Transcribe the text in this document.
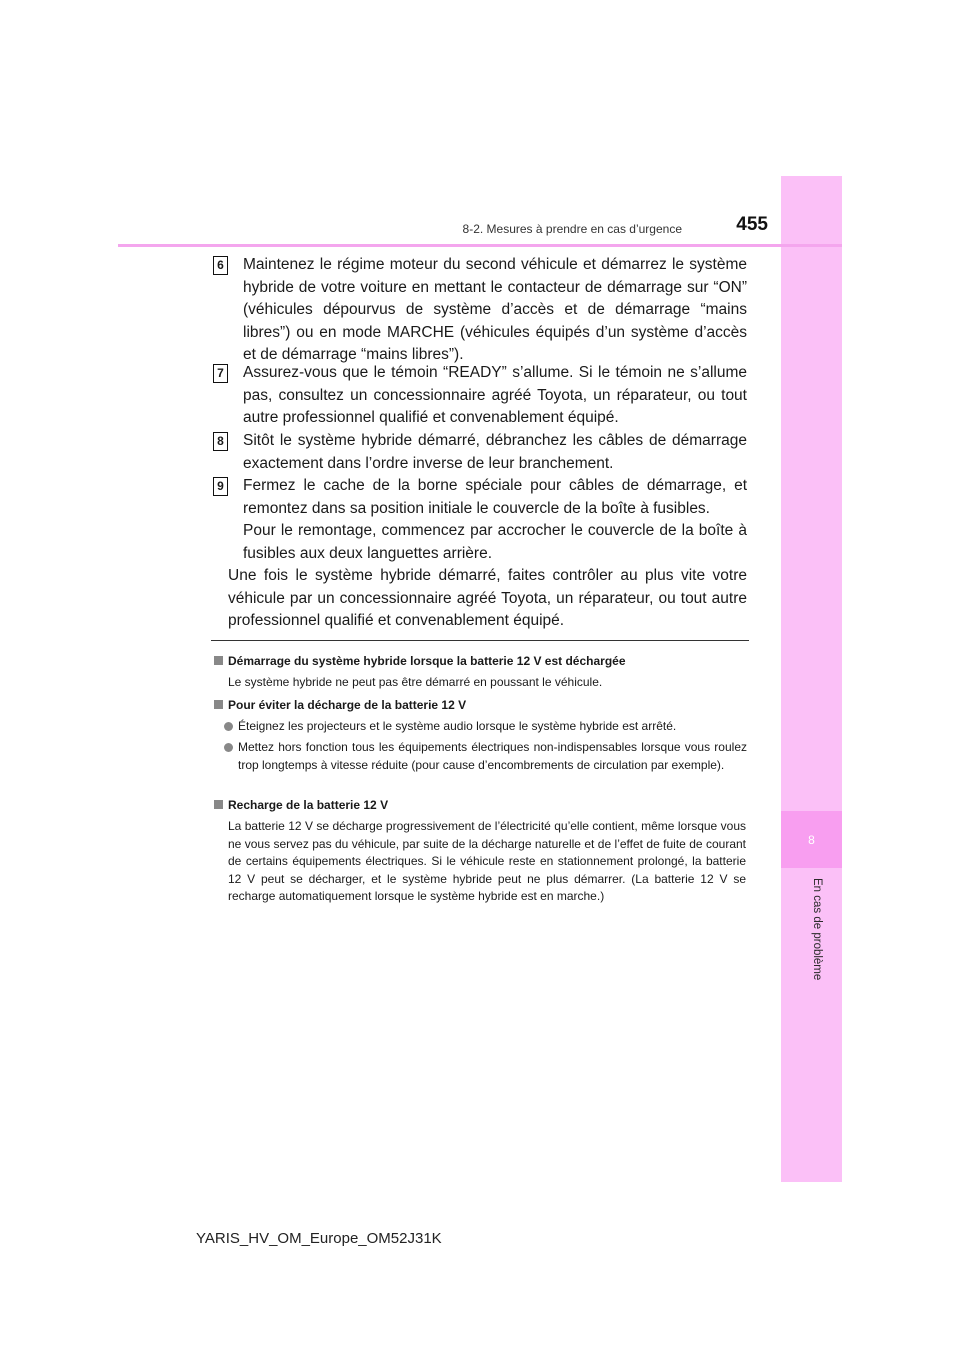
8
En cas de problème
8-2. Mesures à prendre en cas d’urgence	455
6 Maintenez le régime moteur du second véhicule et démarrez le système hybride de votre voiture en mettant le contacteur de démarrage sur “ON” (véhicules dépourvus de système d’accès et de démarrage “mains libres”) ou en mode MARCHE (véhicules équipés d’un système d’accès et de démarrage “mains libres”).

7 Assurez-vous que le témoin “READY” s’allume. Si le témoin ne s’allume pas, consultez un concessionnaire agréé Toyota, un réparateur, ou tout autre professionnel qualifié et convenablement équipé.

8 Sitôt le système hybride démarré, débranchez les câbles de démarrage exactement dans l’ordre inverse de leur branchement.

9 Fermez le cache de la borne spéciale pour câbles de démarrage, et remontez dans sa position initiale le couvercle de la boîte à fusibles.

Pour le remontage, commencez par accrocher le couvercle de la boîte à fusibles aux deux languettes arrière.

Une fois le système hybride démarré, faites contrôler au plus vite votre véhicule par un concessionnaire agréé Toyota, un réparateur, ou tout autre professionnel qualifié et convenablement équipé.

Démarrage du système hybride lorsque la batterie 12 V est déchargée

Le système hybride ne peut pas être démarré en poussant le véhicule.

Pour éviter la décharge de la batterie 12 V

Éteignez les projecteurs et le système audio lorsque le système hybride est arrêté.

Mettez hors fonction tous les équipements électriques non-indispensables lorsque vous roulez trop longtemps à vitesse réduite (pour cause d’encombrements de circulation par exemple).

Recharge de la batterie 12 V

La batterie 12 V se décharge progressivement de l’électricité qu’elle contient, même lorsque vous ne vous servez pas du véhicule, par suite de la décharge naturelle et de l’effet de fuite de courant de certains équipements électriques. Si le véhicule reste en stationnement prolongé, la batterie 12 V peut se décharger, et le système hybride peut ne plus démarrer. (La batterie 12 V se recharge automatiquement lorsque le système hybride est en marche.)

YARIS_HV_OM_Europe_OM52J31K
